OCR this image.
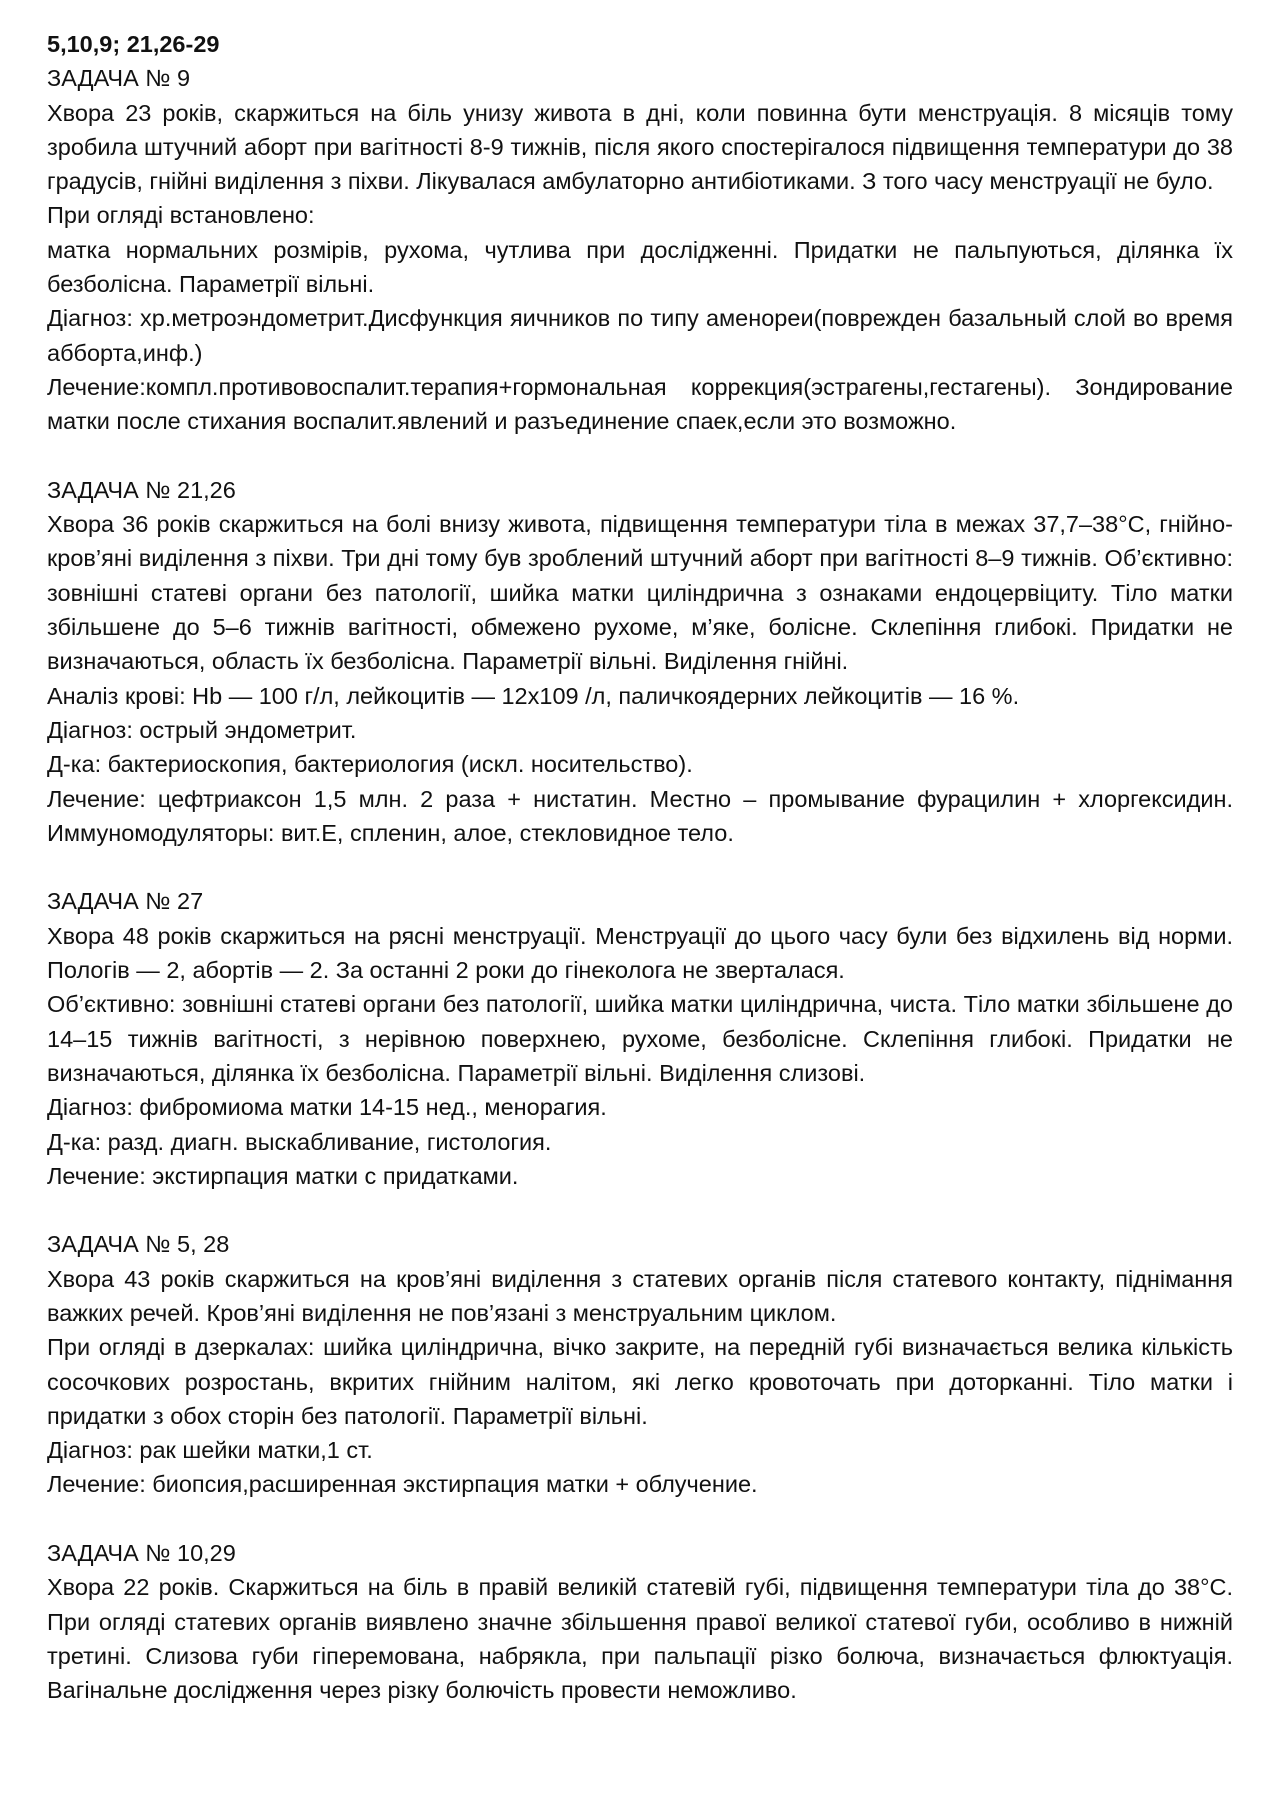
5,10,9; 21,26-29

ЗАДАЧА № 9

Хвора 23 років, скаржиться на біль унизу живота в дні, коли повинна бути менструація. 8 місяців тому зробила штучний аборт при вагітності 8-9 тижнів, після якого спостерігалося підвищення температури до 38 градусів, гнійні виділення з піхви. Лікувалася амбулаторно антибіотиками. З того часу менструації не було.

При огляді встановлено:

матка нормальних розмірів, рухома, чутлива при дослідженні. Придатки не пальпуються, ділянка їх безболісна. Параметрії вільні.

Діагноз: хр.метроэндометрит.Дисфункция яичников по типу аменореи(поврежден базальный слой во время абборта,инф.)

Лечение:компл.противовоспалит.терапия+гормональная коррекция(эстрагены,гестагены). Зондирование матки после стихания воспалит.явлений и разъединение спаек,если это возможно.

ЗАДАЧА № 21,26

Хвора 36 років скаржиться на болі внизу живота, підвищення температури тіла в межах 37,7–38°С, гнійно-кров’яні виділення з піхви. Три дні тому був зроблений штучний аборт при вагітності 8–9 тижнів. Об’єктивно: зовнішні статеві органи без патології, шийка матки циліндрична з ознаками ендоцервіциту. Тіло матки збільшене до 5–6 тижнів вагітності, обмежено рухоме, м’яке, болісне. Склепіння глибокі. Придатки не визначаються, область їх безболісна. Параметрії вільні. Виділення гнійні.

Аналіз крові: Hb — 100 г/л, лейкоцитів — 12х109 /л, паличкоядерних лейкоцитів — 16 %.

Діагноз: острый эндометрит.

Д-ка: бактериоскопия, бактериология (искл. носительство).

Лечение: цефтриаксон 1,5 млн. 2 раза + нистатин. Местно – промывание фурацилин + хлоргексидин. Иммуномодуляторы: вит.Е, спленин, алое, стекловидное тело.

ЗАДАЧА № 27

Хвора 48 років скаржиться на рясні менструації. Менструації до цього часу були без відхилень від норми. Пологів — 2, абортів — 2. За останні 2 роки до гінеколога не зверталася.

Об’єктивно: зовнішні статеві органи без патології, шийка матки циліндрична, чиста. Тіло матки збільшене до 14–15 тижнів вагітності, з нерівною поверхнею, рухоме, безболісне. Склепіння глибокі. Придатки не визначаються, ділянка їх безболісна. Параметрії вільні. Виділення слизові.

Діагноз: фибромиома матки 14-15 нед., менорагия.

Д-ка: разд. диагн. выскабливание, гистология.

Лечение: экстирпация матки с придатками.

ЗАДАЧА № 5, 28

Хвора 43 років скаржиться на кров’яні виділення з статевих органів після статевого контакту, піднімання важких речей. Кров’яні виділення не пов’язані з менструальним циклом.

При огляді в дзеркалах: шийка циліндрична, вічко закрите, на передній губі визначається велика кількість сосочкових розростань, вкритих гнійним налітом, які легко кровоточать при доторканні. Тіло матки і придатки з обох сторін без патології. Параметрії вільні.

Діагноз: рак шейки матки,1 ст.

Лечение: биопсия,расширенная экстирпация матки + облучение.

ЗАДАЧА № 10,29

Хвора 22 років. Скаржиться на біль в правій великій статевій губі, підвищення температури тіла до 38°С. При огляді статевих органів виявлено значне збільшення правої великої статевої губи, особливо в нижній третині. Слизова губи гіперемована, набрякла, при пальпації різко болюча, визначається флюктуація. Вагінальне дослідження через різку болючість провести неможливо.
